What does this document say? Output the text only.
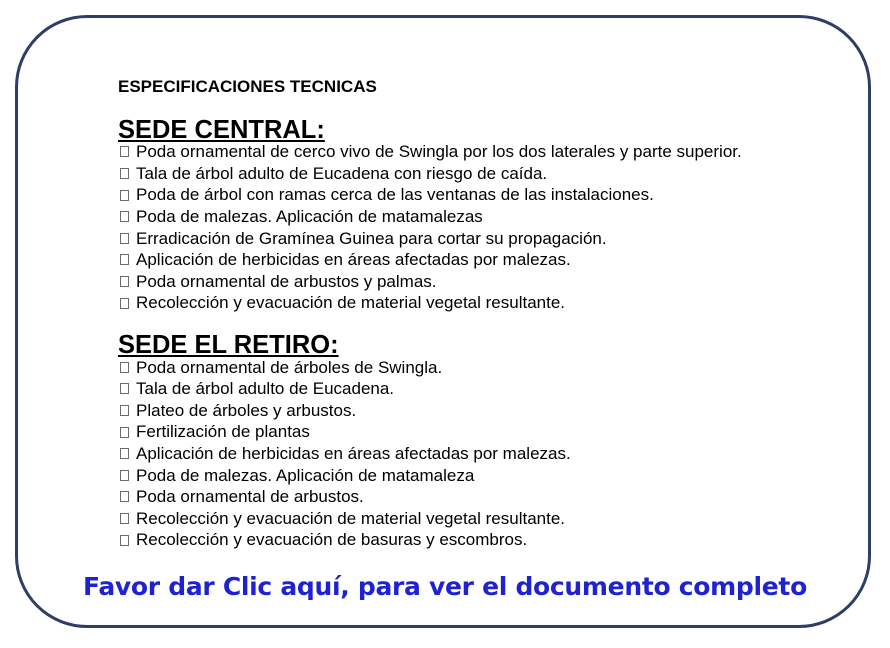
ESPECIFICACIONES TECNICAS
SEDE CENTRAL:
Poda ornamental de cerco vivo de Swingla por los dos laterales y parte superior.
Tala de árbol adulto de Eucadena con riesgo de caída.
Poda de árbol con ramas cerca de las ventanas de las instalaciones.
Poda de malezas. Aplicación de matamalezas
Erradicación de Gramínea Guinea para cortar su propagación.
Aplicación de herbicidas en áreas afectadas por malezas.
Poda ornamental de arbustos y palmas.
Recolección y evacuación de material vegetal resultante.
SEDE EL RETIRO:
Poda ornamental de árboles de Swingla.
Tala de árbol adulto de Eucadena.
Plateo de árboles y arbustos.
Fertilización de plantas
Aplicación de herbicidas en áreas afectadas por malezas.
Poda de malezas. Aplicación de matamaleza
Poda ornamental de arbustos.
Recolección y evacuación de material vegetal resultante.
Recolección y evacuación de basuras y escombros.
Favor dar Clic aquí, para ver el documento completo
